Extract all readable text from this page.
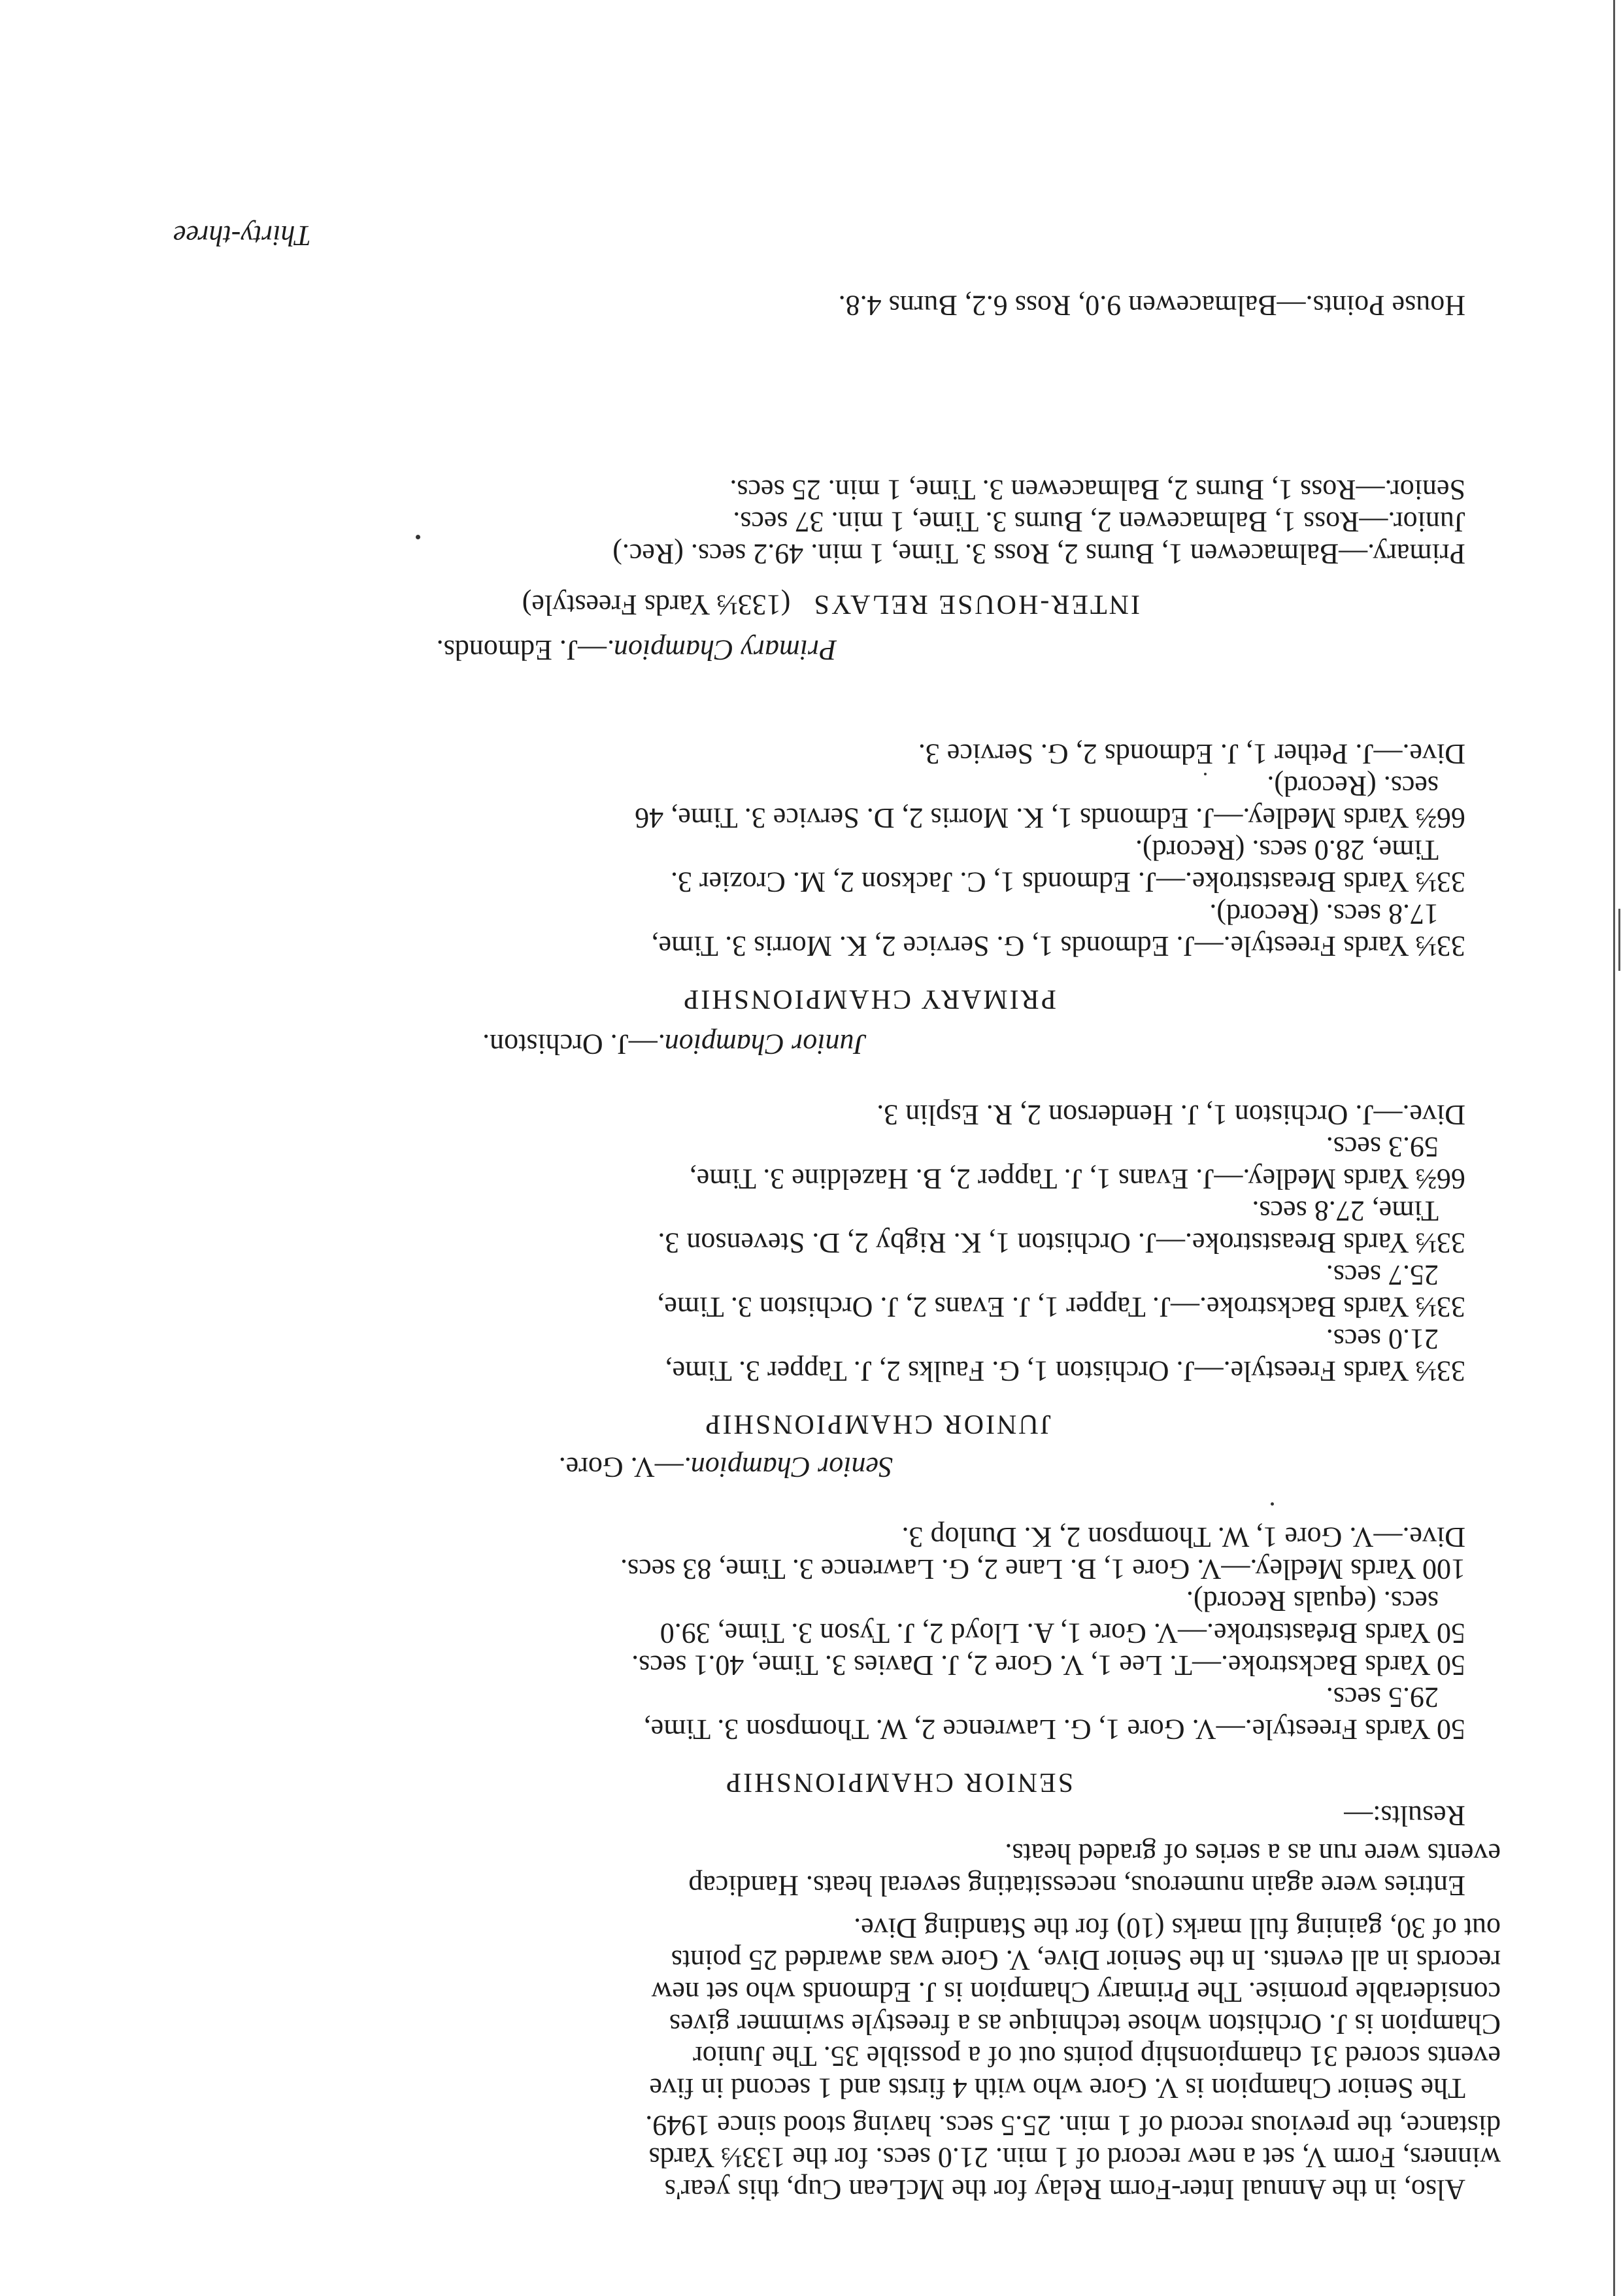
Also, in the Annual Inter-Form Relay for the McLean Cup, this year's
winners, Form V, set a new record of 1 min. 21.0 secs. for the 133⅓ Yards
distance, the previous record of 1 min. 25.5 secs. having stood since 1949.
The Senior Champion is V. Gore who with 4 firsts and 1 second in five
events scored 31 championship points out of a possible 35. The Junior
Champion is J. Orchiston whose technique as a freestyle swimmer gives
considerable promise. The Primary Champion is J. Edmonds who set new
records in all events. In the Senior Dive, V. Gore was awarded 25 points
out of 30, gaining full marks (10) for the Standing Dive.
Entries were again numerous, necessitating several heats. Handicap
events were run as a series of graded heats.
Results:—
SENIOR CHAMPIONSHIP
50 Yards Freestyle.—V. Gore 1, G. Lawrence 2, W. Thompson 3. Time,
29.5 secs.
50 Yards Backstroke.—T. Lee 1, V. Gore 2, J. Davies 3. Time, 40.1 secs.
50 Yards Breaststroke.—V. Gore 1, A. Lloyd 2, J. Tyson 3. Time, 39.0
secs. (equals Record).
100 Yards Medley.—V. Gore 1, B. Lane 2, G. Lawrence 3. Time, 83 secs.
Dive.—V. Gore 1, W. Thompson 2, K. Dunlop 3.
Senior Champion.—V. Gore.
JUNIOR CHAMPIONSHIP
33⅓ Yards Freestyle.—J. Orchiston 1, G. Faulks 2, J. Tapper 3. Time,
21.0 secs.
33⅓ Yards Backstroke.—J. Tapper 1, J. Evans 2, J. Orchiston 3. Time,
25.7 secs.
33⅓ Yards Breaststroke.—J. Orchiston 1, K. Rigby 2, D. Stevenson 3.
Time, 27.8 secs.
66⅔ Yards Medley.—J. Evans 1, J. Tapper 2, B. Hazeldine 3. Time,
59.3 secs.
Dive.—J. Orchiston 1, J. Henderson 2, R. Esplin 3.
Junior Champion.—J. Orchiston.
PRIMARY CHAMPIONSHIP
33⅓ Yards Freestyle.—J. Edmonds 1, G. Service 2, K. Morris 3. Time,
17.8 secs. (Record).
33⅓ Yards Breaststroke.—J. Edmonds 1, C. Jackson 2, M. Crozier 3.
Time, 28.0 secs. (Record).
66⅔ Yards Medley.—J. Edmonds 1, K. Morris 2, D. Service 3. Time, 46
secs. (Record).
Dive.—J. Pether 1, J. Edmonds 2, G. Service 3.
Primary Champion.—J. Edmonds.
INTER-HOUSE RELAYS (133⅓ Yards Freestyle)
Primary.—Balmacewen 1, Burns 2, Ross 3. Time, 1 min. 49.2 secs. (Rec.)
Junior.—Ross 1, Balmacewen 2, Burns 3. Time, 1 min. 37 secs.
Senior.—Ross 1, Burns 2, Balmacewen 3. Time, 1 min. 25 secs.
House Points.—Balmacewen 9.0, Ross 6.2, Burns 4.8.
Thirty-three
